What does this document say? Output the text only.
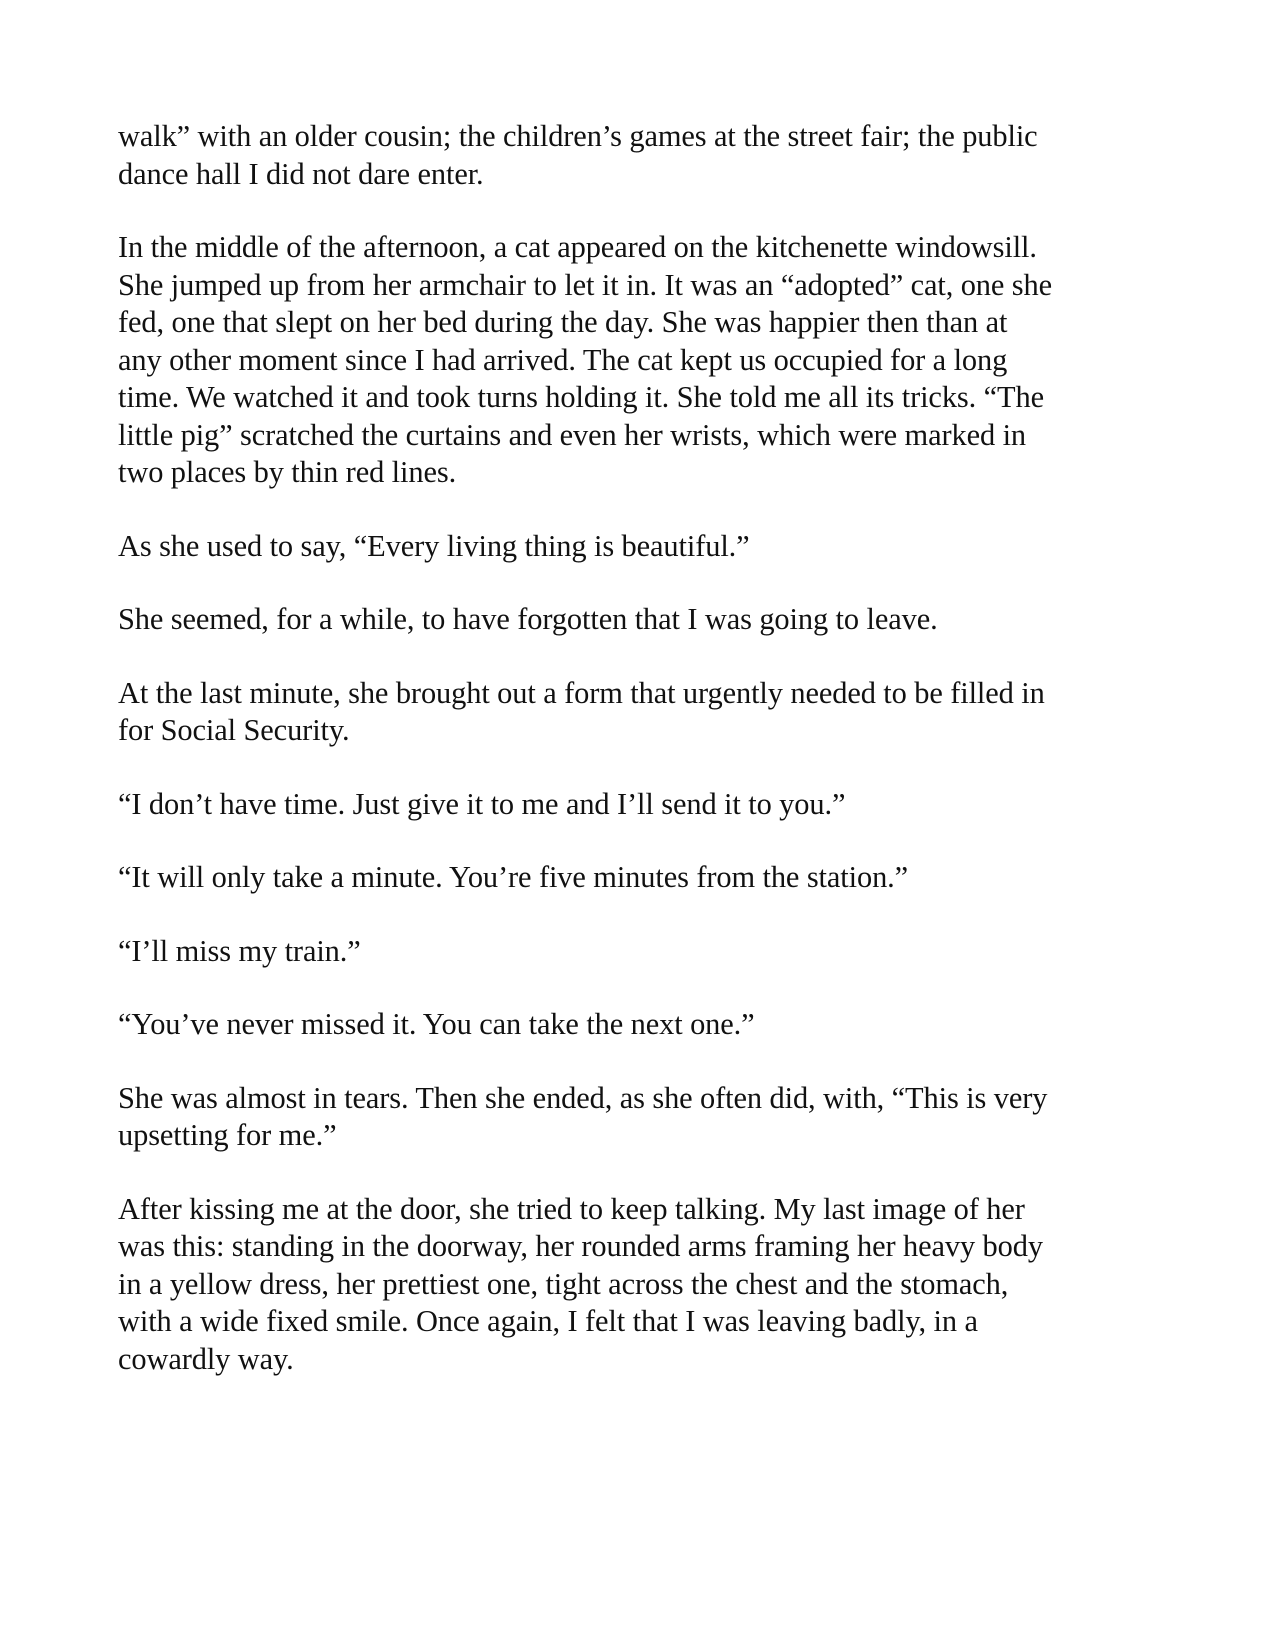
walk” with an older cousin; the children’s games at the street fair; the public
dance hall I did not dare enter.

In the middle of the afternoon, a cat appeared on the kitchenette windowsill.
She jumped up from her armchair to let it in. It was an “adopted” cat, one she
fed, one that slept on her bed during the day. She was happier then than at
any other moment since I had arrived. The cat kept us occupied for a long
time. We watched it and took turns holding it. She told me all its tricks. “The
little pig” scratched the curtains and even her wrists, which were marked in
two places by thin red lines.

As she used to say, “Every living thing is beautiful.”

She seemed, for a while, to have forgotten that I was going to leave.

At the last minute, she brought out a form that urgently needed to be filled in
for Social Security.

“I don’t have time. Just give it to me and I’ll send it to you.”

“It will only take a minute. You’re five minutes from the station.”

“I’ll miss my train.”

“You’ve never missed it. You can take the next one.”

She was almost in tears. Then she ended, as she often did, with, “This is very
upsetting for me.”

After kissing me at the door, she tried to keep talking. My last image of her
was this: standing in the doorway, her rounded arms framing her heavy body
in a yellow dress, her prettiest one, tight across the chest and the stomach,
with a wide fixed smile. Once again, I felt that I was leaving badly, in a
cowardly way.
